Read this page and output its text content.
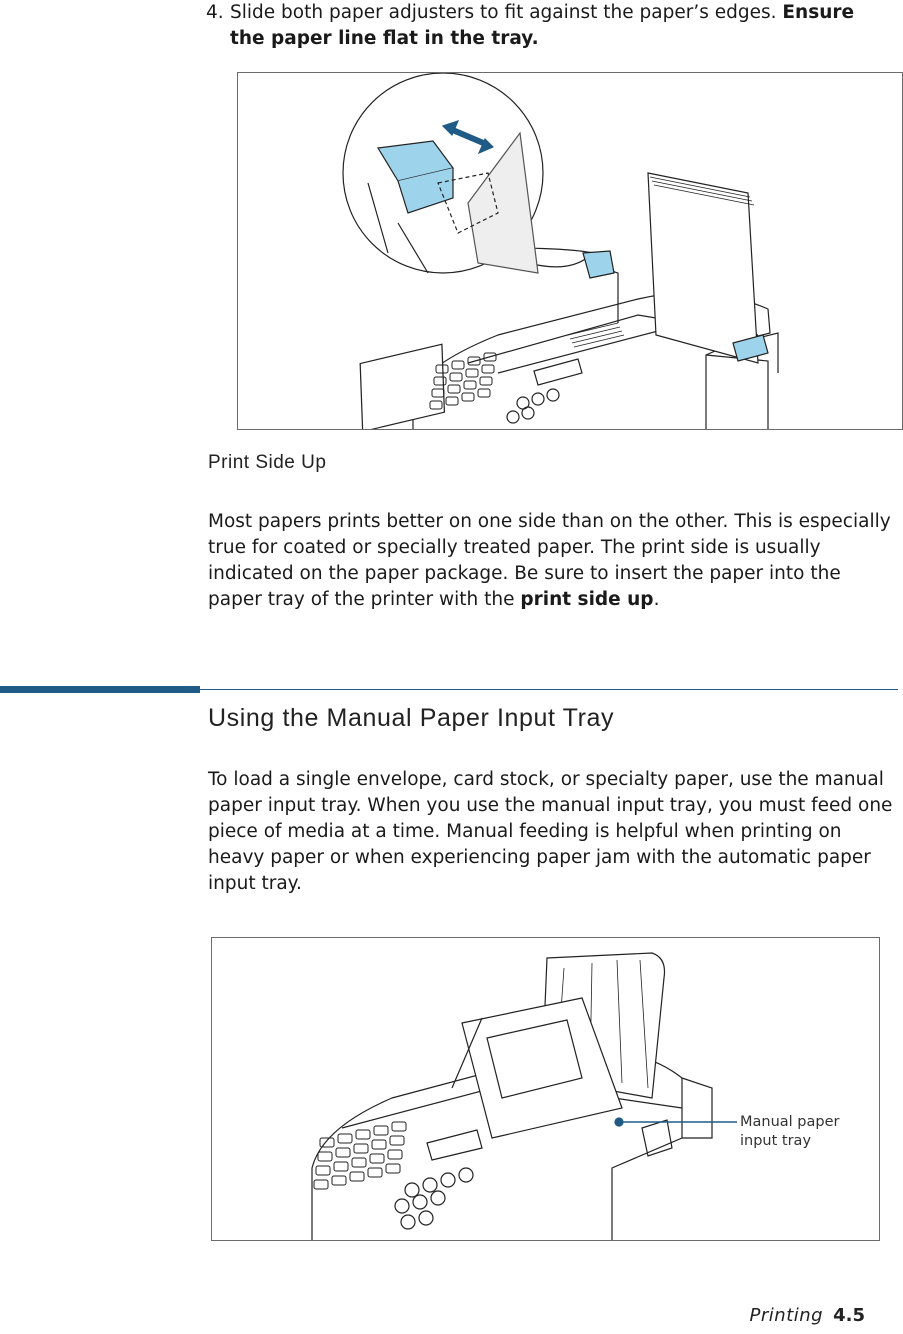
4. Slide both paper adjusters to fit against the paper’s edges. Ensure the paper line flat in the tray.
Print Side Up
Most papers prints better on one side than on the other. This is especially true for coated or specially treated paper. The print side is usually indicated on the paper package. Be sure to insert the paper into the paper tray of the printer with the print side up.
Using the Manual Paper Input Tray
To load a single envelope, card stock, or specialty paper, use the manual paper input tray. When you use the manual input tray, you must feed one piece of media at a time. Manual feeding is helpful when printing on heavy paper or when experiencing paper jam with the automatic paper input tray.
Manual paper
input tray
Printing 4.5
